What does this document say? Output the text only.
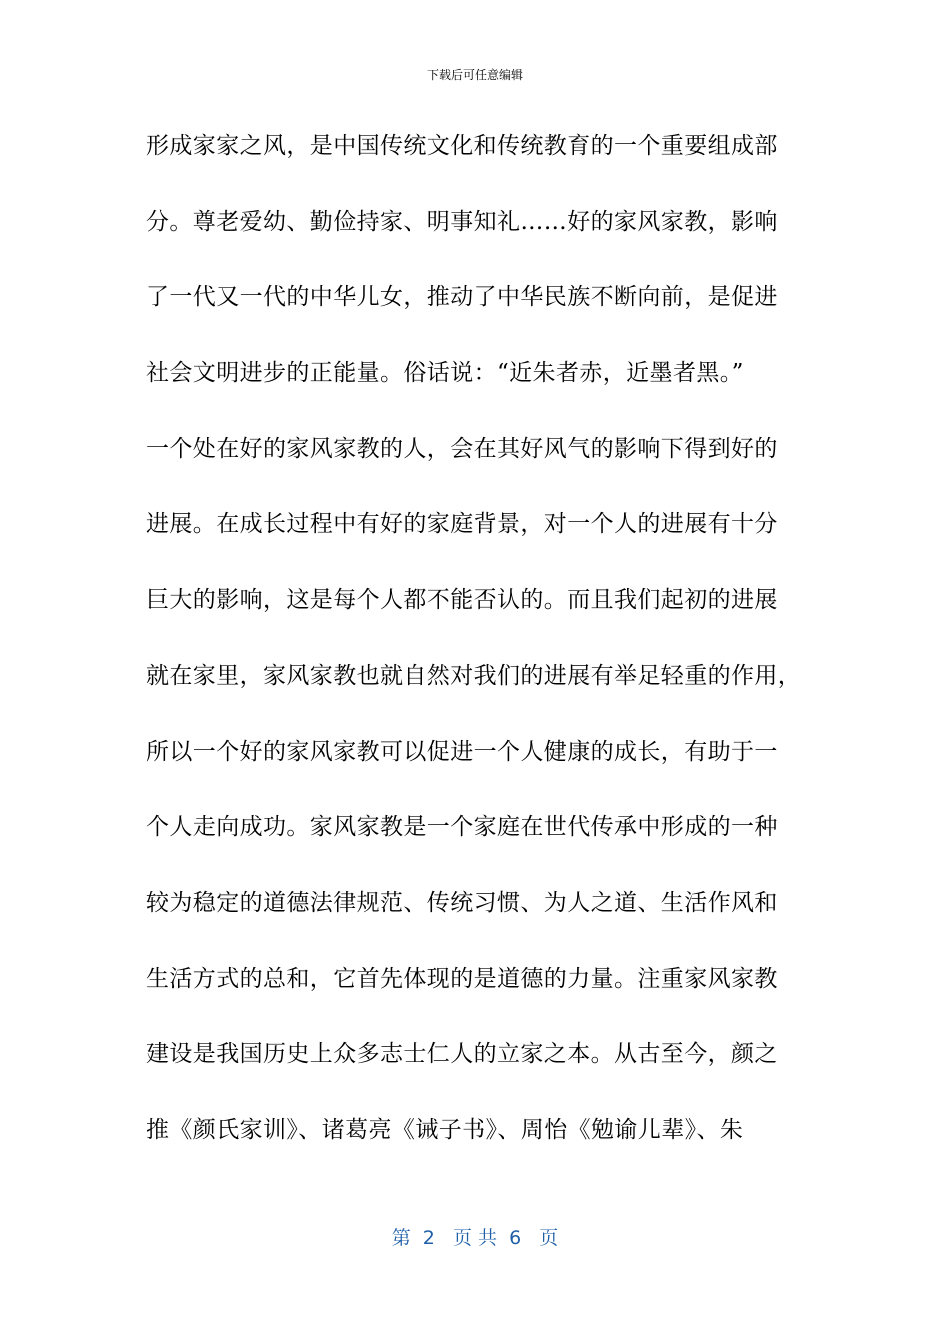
下载后可任意编辑
形成家家之风，是中国传统文化和传统教育的一个重要组成部
分。尊老爱幼、勤俭持家、明事知礼……好的家风家教，影响
了一代又一代的中华儿女，推动了中华民族不断向前，是促进
社会文明进步的正能量。俗话说：“近朱者赤，近墨者黑。”
一个处在好的家风家教的人，会在其好风气的影响下得到好的
进展。在成长过程中有好的家庭背景，对一个人的进展有十分
巨大的影响，这是每个人都不能否认的。而且我们起初的进展
就在家里，家风家教也就自然对我们的进展有举足轻重的作用，
所以一个好的家风家教可以促进一个人健康的成长，有助于一
个人走向成功。家风家教是一个家庭在世代传承中形成的一种
较为稳定的道德法律规范、传统习惯、为人之道、生活作风和
生活方式的总和，它首先体现的是道德的力量。注重家风家教
建设是我国历史上众多志士仁人的立家之本。从古至今，颜之
推《颜氏家训》、诸葛亮《诫子书》、周怡《勉谕儿辈》、朱
第  2   页 共  6   页
